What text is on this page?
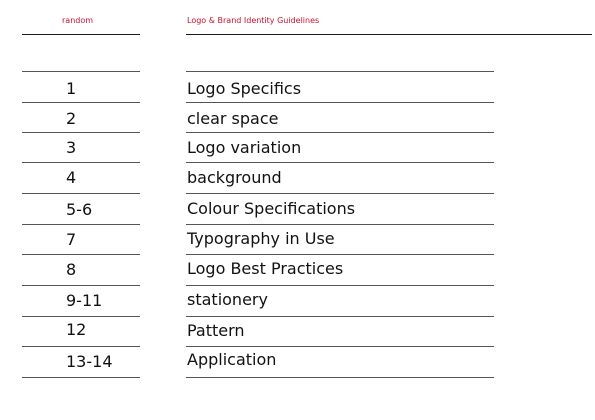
random	Logo & Brand Identity Guidelines
1	Logo Specifics
2	clear space
3	Logo variation
4	background
5-6	Colour Specifications
7	Typography in Use
8	Logo Best Practices
9-11	stationery
12	Pattern
13-14	Application
